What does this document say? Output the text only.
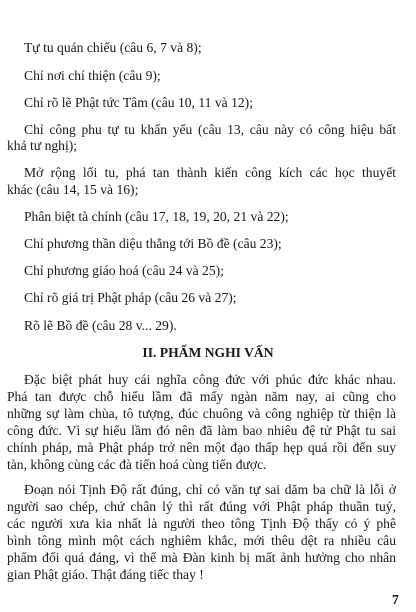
Tự tu quán chiếu (câu 6, 7 và 8);
Chỉ nơi chí thiện (câu 9);
Chỉ rõ lẽ Phật tức Tâm (câu 10, 11 và 12);
Chỉ công phu tự tu khẩn yếu (câu 13, câu này có công hiệu bất
khả tư nghị);
Mở rộng lối tu, phá tan thành kiến công kích các học thuyết
khác (câu 14, 15 và 16);
Phân biệt tà chính (câu 17, 18, 19, 20, 21 và 22);
Chỉ phương thần diệu thẳng tới Bồ đề (câu 23);
Chỉ phương giáo hoá (câu 24 và 25);
Chỉ rõ giá trị Phật pháp (câu 26 và 27);
Rõ lẽ Bồ đề (câu 28 v... 29).
II. PHẨM NGHI VẤN
Đặc biệt phát huy cái nghĩa công đức với phúc đức khác nhau.
Phá tan được chỗ hiểu lầm đã mấy ngàn năm nay, ai cũng cho
những sự làm chùa, tô tượng, đúc chuông và công nghiệp từ thiện là
công đức. Vì sự hiểu lầm đó nên đã làm bao nhiêu đệ tử Phật tu sai
chính pháp, mà Phật pháp trở nên một đạo thấp hẹp quá rồi đến suy
tàn, không cùng các đà tiến hoá cùng tiến được.
Đoạn nói Tịnh Độ rất đúng, chỉ có văn tự sai dăm ba chữ là lỗi ở
người sao chép, chứ chân lý thì rất đúng với Phật pháp thuần tuý,
các người xưa kia nhất là người theo tông Tịnh Độ thấy có ý phê
bình tông mình một cách nghiêm khắc, mới thêu dệt ra nhiều câu
phẩm đối quá đáng, vì thế mà Đàn kinh bị mất ảnh hưởng cho nhân
gian Phật giáo. Thật đáng tiếc thay !
7
